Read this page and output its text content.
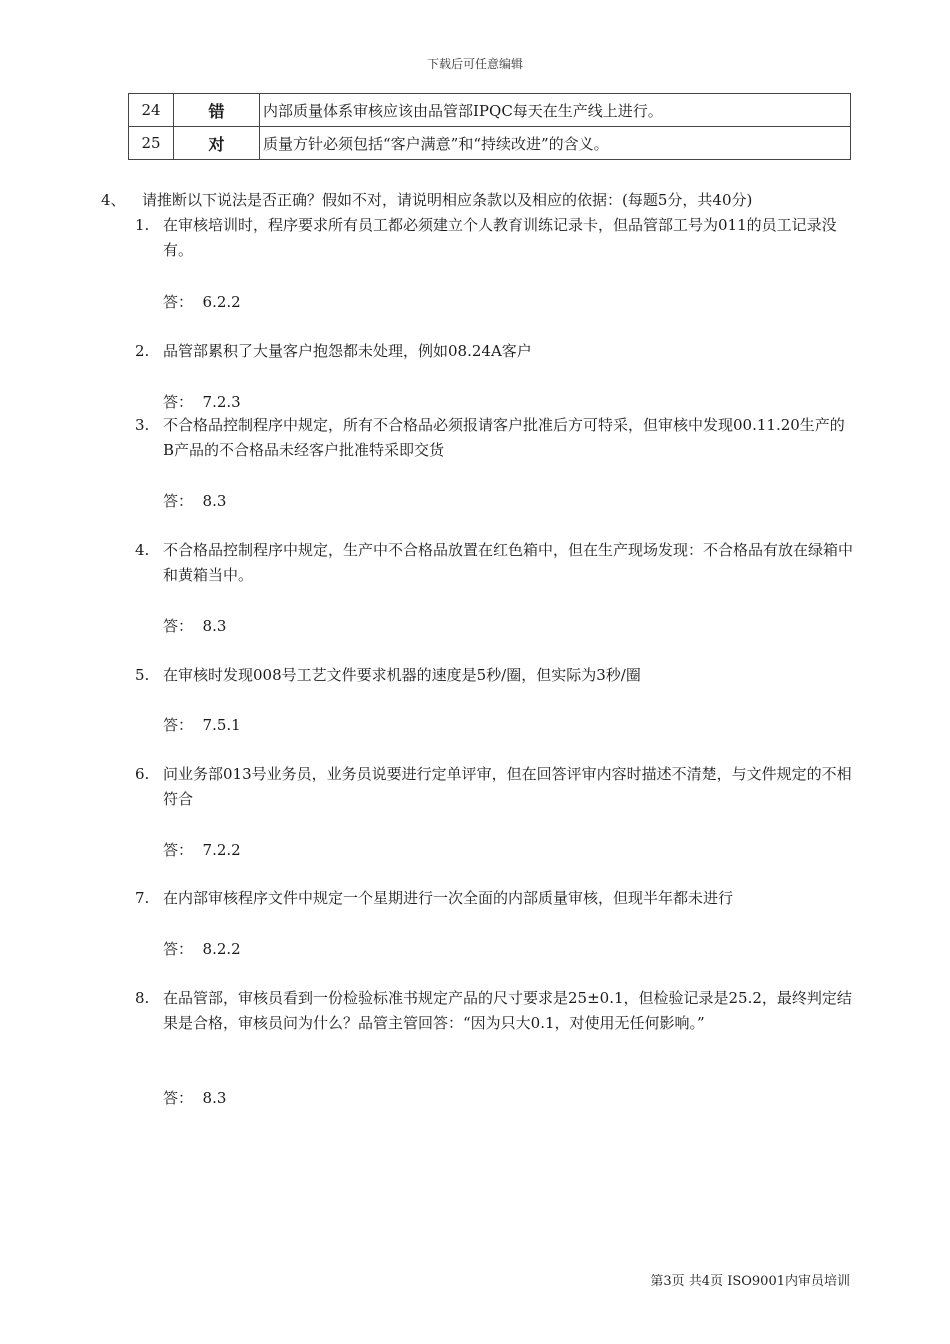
下载后可任意编辑
24	错	内部质量体系审核应该由品管部IPQC每天在生产线上进行。
25	对	质量方针必须包括“客户满意”和“持续改进”的含义。
4、 请推断以下说法是否正确？假如不对，请说明相应条款以及相应的依据：(每题5分，共40分)
1. 在审核培训时，程序要求所有员工都必须建立个人教育训练记录卡，但品管部工号为011的员工记录没有。
答：  6.2.2
2. 品管部累积了大量客户抱怨都未处理，例如08.24A客户
答：  7.2.3
3. 不合格品控制程序中规定，所有不合格品必须报请客户批准后方可特采，但审核中发现00.11.20生产的B产品的不合格品未经客户批准特采即交货
答：  8.3
4. 不合格品控制程序中规定，生产中不合格品放置在红色箱中，但在生产现场发现：不合格品有放在绿箱中和黄箱当中。
答：  8.3
5. 在审核时发现008号工艺文件要求机器的速度是5秒/圈，但实际为3秒/圈
答：  7.5.1
6. 问业务部013号业务员，业务员说要进行定单评审，但在回答评审内容时描述不清楚，与文件规定的不相符合
答：  7.2.2
7. 在内部审核程序文件中规定一个星期进行一次全面的内部质量审核，但现半年都未进行
答：  8.2.2
8. 在品管部，审核员看到一份检验标准书规定产品的尺寸要求是25±0.1，但检验记录是25.2，最终判定结果是合格，审核员问为什么？品管主管回答：“因为只大0.1，对使用无任何影响。”
答：  8.3
第3页 共4页 ISO9001内审员培训
